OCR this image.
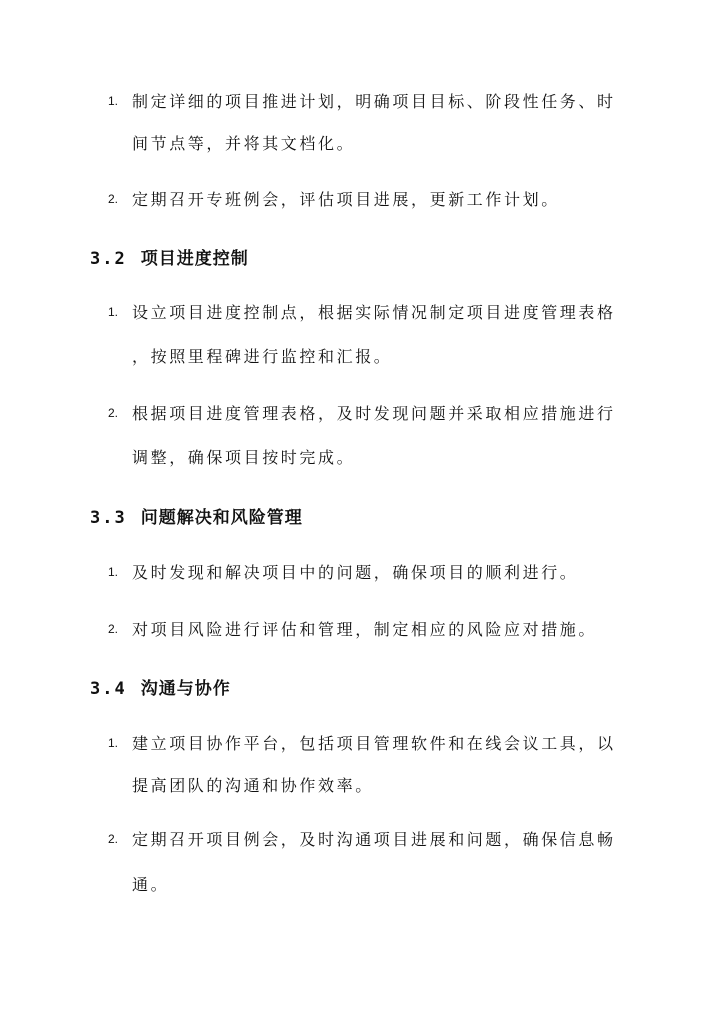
1. 制定详细的项目推进计划，明确项目目标、阶段性任务、时
间节点等，并将其文档化。
2. 定期召开专班例会，评估项目进展，更新工作计划。
3.2 项目进度控制
1. 设立项目进度控制点，根据实际情况制定项目进度管理表格
，按照里程碑进行监控和汇报。
2. 根据项目进度管理表格，及时发现问题并采取相应措施进行
调整，确保项目按时完成。
3.3 问题解决和风险管理
1. 及时发现和解决项目中的问题，确保项目的顺利进行。
2. 对项目风险进行评估和管理，制定相应的风险应对措施。
3.4 沟通与协作
1. 建立项目协作平台，包括项目管理软件和在线会议工具，以
提高团队的沟通和协作效率。
2. 定期召开项目例会，及时沟通项目进展和问题，确保信息畅
通。
